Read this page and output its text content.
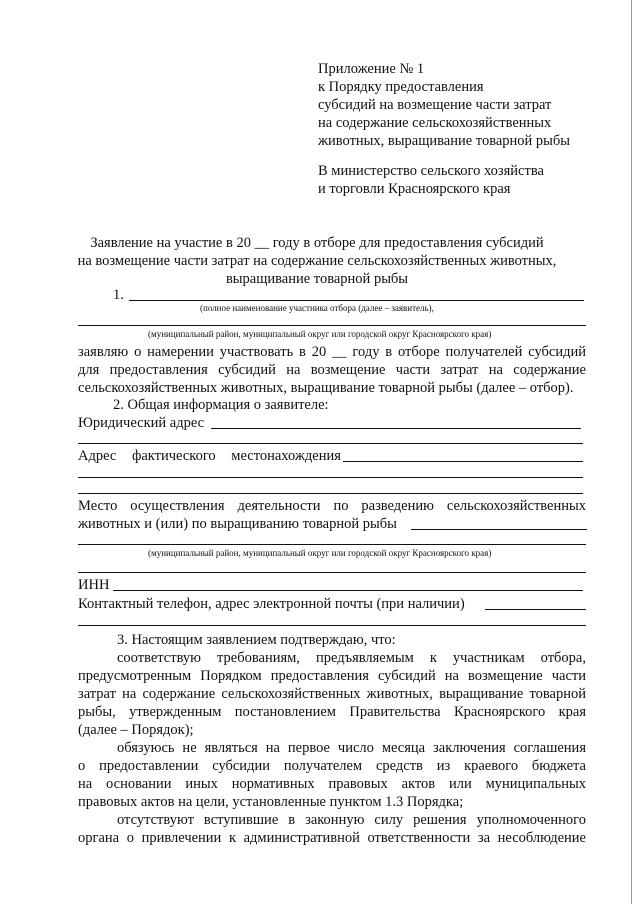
Приложение № 1
к Порядку предоставления
субсидий на возмещение части затрат
на содержание сельскохозяйственных
животных, выращивание товарной рыбы
В министерство сельского хозяйства
и торговли Красноярского края
Заявление на участие в 20 __ году в отборе для предоставления субсидий
на возмещение части затрат на содержание сельскохозяйственных животных,
выращивание товарной рыбы
1.
(полное наименование участника отбора (далее – заявитель),
(муниципальный район, муниципальный округ или городской округ Красноярского края)
заявляю о намерении участвовать в 20 __ году в отборе получателей субсидий
для предоставления субсидий на возмещение части затрат на содержание
сельскохозяйственных животных, выращивание товарной рыбы (далее – отбор).
2. Общая информация о заявителе:
Юридический адрес
Адрес фактического местонахождения
Место осуществления деятельности по разведению сельскохозяйственных
животных и (или) по выращиванию товарной рыбы
(муниципальный район, муниципальный округ или городской округ Красноярского края)
ИНН
Контактный телефон, адрес электронной почты (при наличии)
3. Настоящим заявлением подтверждаю, что:
соответствую требованиям, предъявляемым к участникам отбора,
предусмотренным Порядком предоставления субсидий на возмещение части
затрат на содержание сельскохозяйственных животных, выращивание товарной
рыбы, утвержденным постановлением Правительства Красноярского края
(далее – Порядок);
обязуюсь не являться на первое число месяца заключения соглашения
о предоставлении субсидии получателем средств из краевого бюджета
на основании иных нормативных правовых актов или муниципальных
правовых актов на цели, установленные пунктом 1.3 Порядка;
отсутствуют вступившие в законную силу решения уполномоченного
органа о привлечении к административной ответственности за несоблюдение
